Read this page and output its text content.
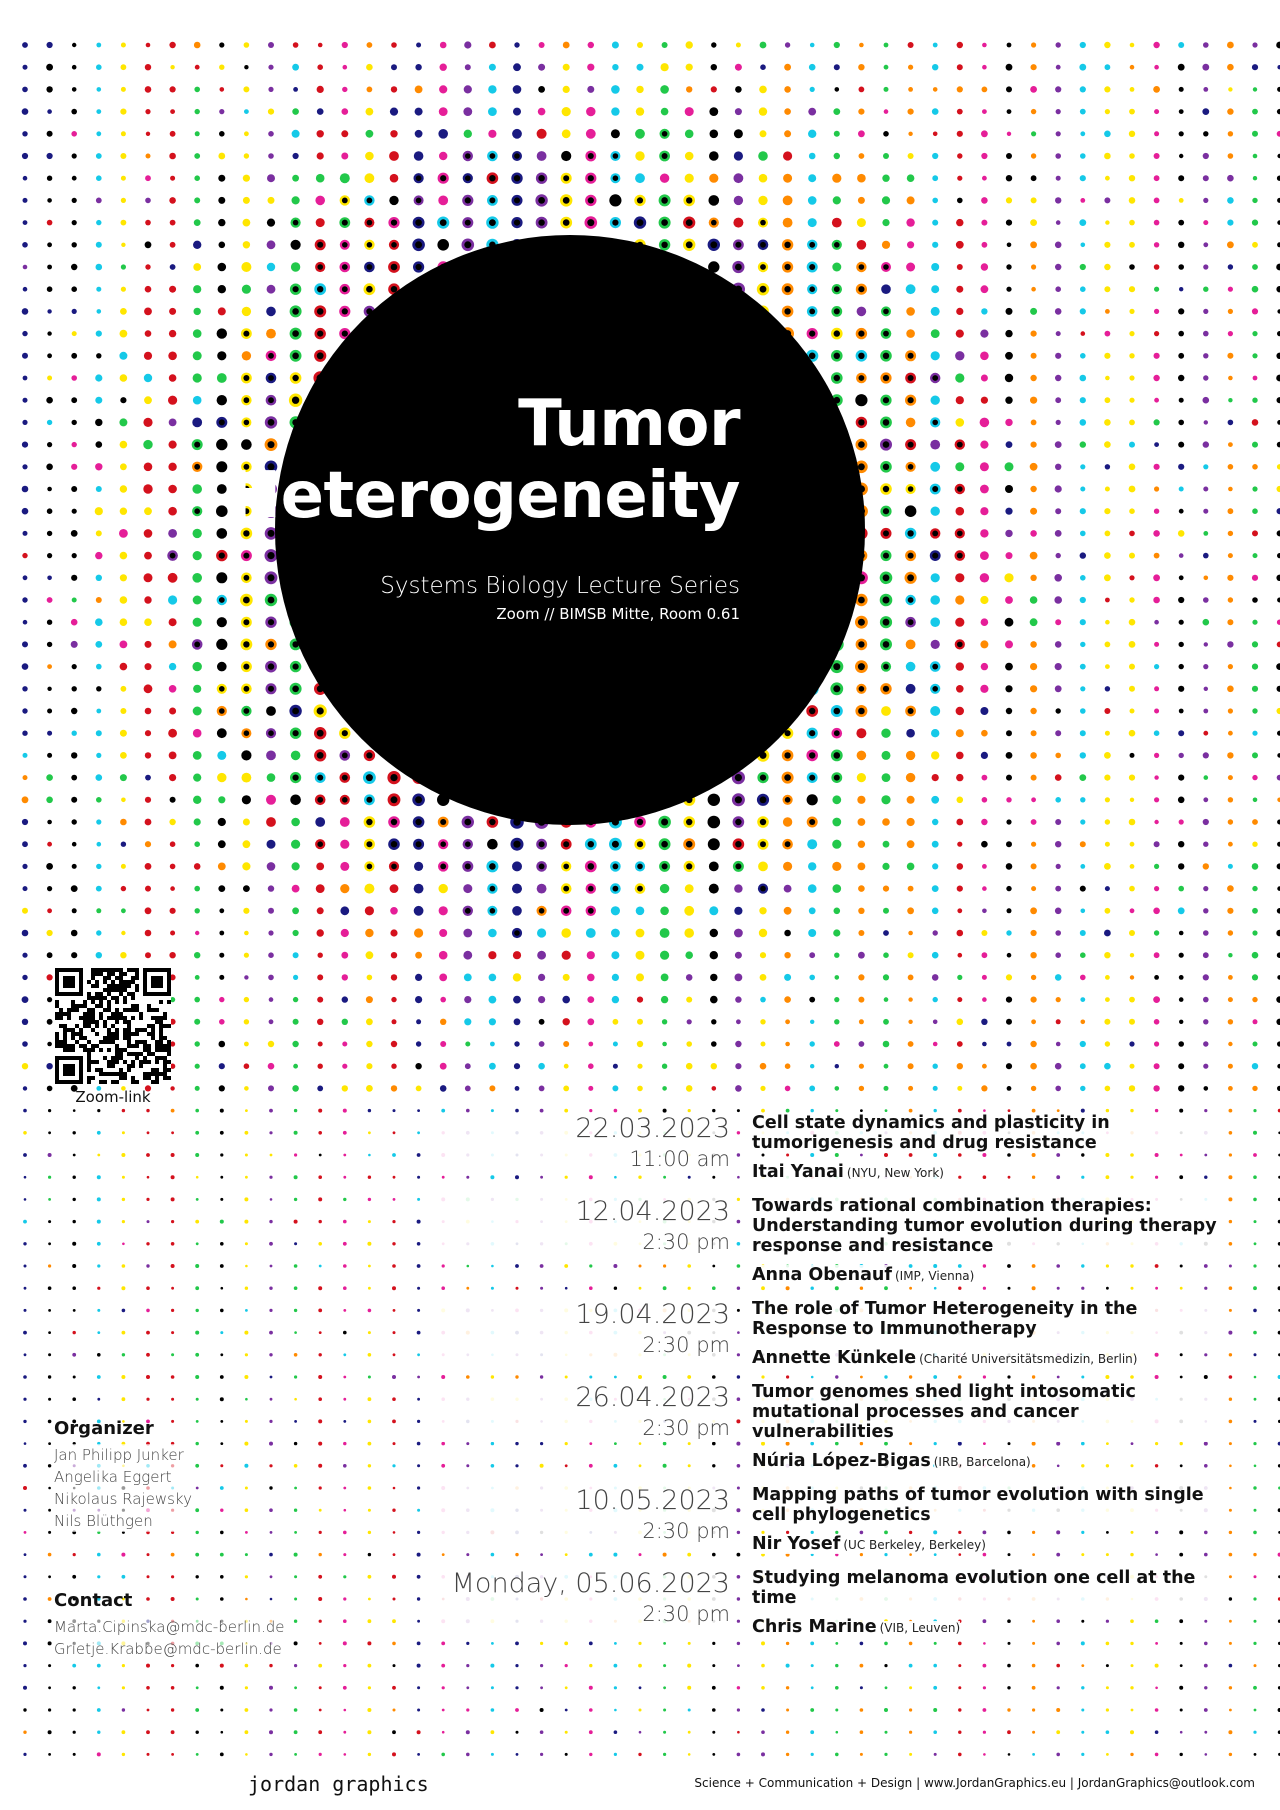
Tumor
Heterogeneity
Systems Biology Lecture Series
Zoom // BIMSB Mitte, Room 0.61
Zoom-link
Organizer
Jan Philipp Junker
Angelika Eggert
Nikolaus Rajewsky
Nils Blüthgen
Contact
Marta.Cipinska@mdc-berlin.de
Grietje.Krabbe@mdc-berlin.de
22.03.2023
11:00 am
Cell state dynamics and plasticity in tumorigenesis and drug resistance
Itai Yanai (NYU, New York)
12.04.2023
2:30 pm
Towards rational combination therapies: Understanding tumor evolution during therapy response and resistance
Anna Obenauf (IMP, Vienna)
19.04.2023
2:30 pm
The role of Tumor Heterogeneity in the Response to Immunotherapy
Annette Künkele (Charité Universitätsmedizin, Berlin)
26.04.2023
2:30 pm
Tumor genomes shed light intosomatic mutational processes and cancer vulnerabilities
Núria López-Bigas (IRB, Barcelona)
10.05.2023
2:30 pm
Mapping paths of tumor evolution with single cell phylogenetics
Nir Yosef (UC Berkeley, Berkeley)
Monday, 05.06.2023
2:30 pm
Studying melanoma evolution one cell at the time
Chris Marine (VIB, Leuven)
jordan graphics	Science + Communication + Design | www.JordanGraphics.eu | JordanGraphics@outlook.com
